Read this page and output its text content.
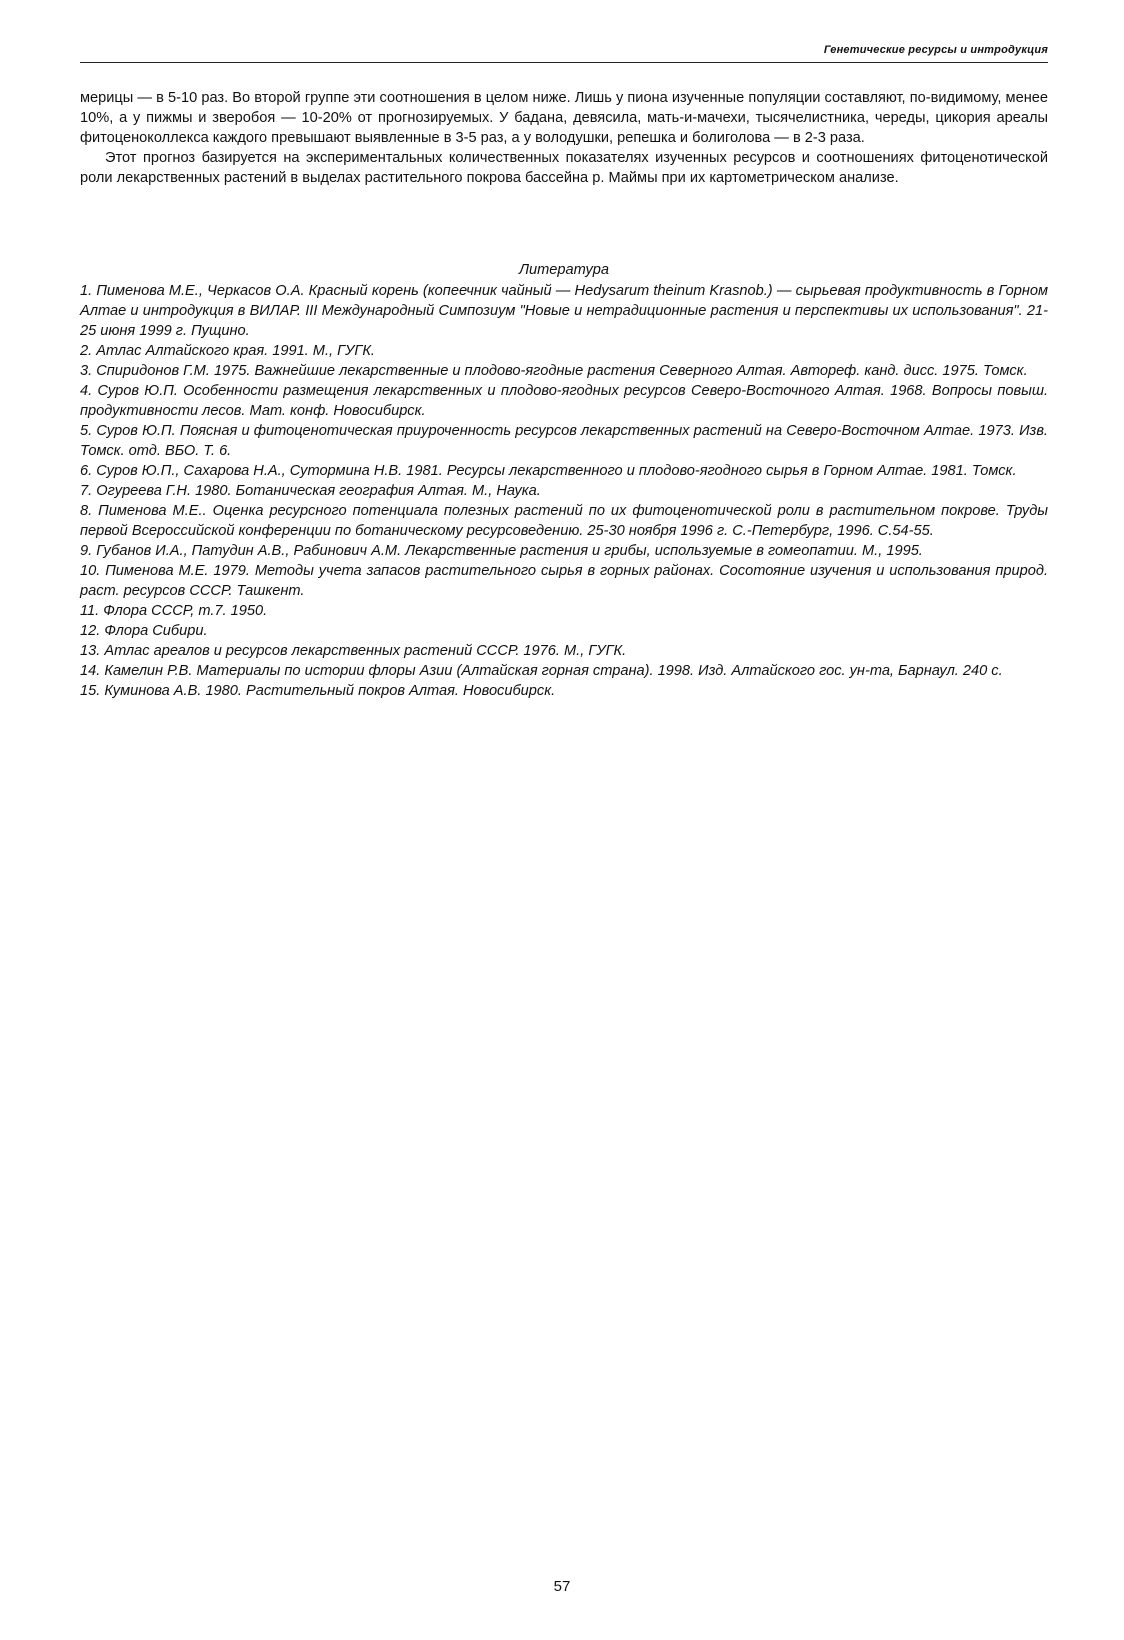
Генетические ресурсы и интродукция

мерицы — в 5-10 раз. Во второй группе эти соотношения в целом ниже. Лишь у пиона изученные популяции составляют, по-видимому, менее 10%, а у пижмы и зверобоя — 10-20% от прогнозируемых. У бадана, девясила, мать-и-мачехи, тысячелистника, череды, цикория ареалы фитоценоколлекса каждого превышают выявленные в 3-5 раз, а у володушки, репешка и болиголова — в 2-3 раза.

Этот прогноз базируется на экспериментальных количественных показателях изученных ресурсов и соотношениях фитоценотической роли лекарственных растений в выделах растительного покрова бассейна р. Маймы при их картометрическом анализе.

Литература
1. Пименова М.Е., Черкасов О.А. Красный корень (копеечник чайный — Hedysarum theinum Krasnob.) — сырьевая продуктивность в Горном Алтае и интродукция в ВИЛАР. III Международный Симпозиум "Новые и нетрадиционные растения и перспективы их использования". 21-25 июня 1999 г. Пущино.
2. Атлас Алтайского края. 1991. М., ГУГК.
3. Спиридонов Г.М. 1975. Важнейшие лекарственные и плодово-ягодные растения Северного Алтая. Автореф. канд. дисс. 1975. Томск.
4. Суров Ю.П. Особенности размещения лекарственных и плодово-ягодных ресурсов Северо-Восточного Алтая. 1968. Вопросы повыш. продуктивности лесов. Мат. конф. Новосибирск.
5. Суров Ю.П. Поясная и фитоценотическая приуроченность ресурсов лекарственных растений на Северо-Восточном Алтае. 1973. Изв. Томск. отд. ВБО. Т. 6.
6. Суров Ю.П., Сахарова Н.А., Сутормина Н.В. 1981. Ресурсы лекарственного и плодово-ягодного сырья в Горном Алтае. 1981. Томск.
7. Огуреева Г.Н. 1980. Ботаническая география Алтая. М., Наука.
8. Пименова М.Е.. Оценка ресурсного потенциала полезных растений по их фитоценотической роли в растительном покрове. Труды первой Всероссийской конференции по ботаническому ресурсоведению. 25-30 ноября 1996 г. С.-Петербург, 1996. С.54-55.
9. Губанов И.А., Патудин А.В., Рабинович А.М. Лекарственные растения и грибы, используемые в гомеопатии. М., 1995.
10. Пименова М.Е. 1979. Методы учета запасов растительного сырья в горных районах. Сосотояние изучения и использования природ. раст. ресурсов СССР. Ташкент.
11. Флора СССР, т.7. 1950.
12. Флора Сибири.
13. Атлас ареалов и ресурсов лекарственных растений СССР. 1976. М., ГУГК.
14. Камелин Р.В. Материалы по истории флоры Азии (Алтайская горная страна). 1998. Изд. Алтайского гос. ун-та, Барнаул. 240 с.
15. Куминова А.В. 1980. Растительный покров Алтая. Новосибирск.
57
